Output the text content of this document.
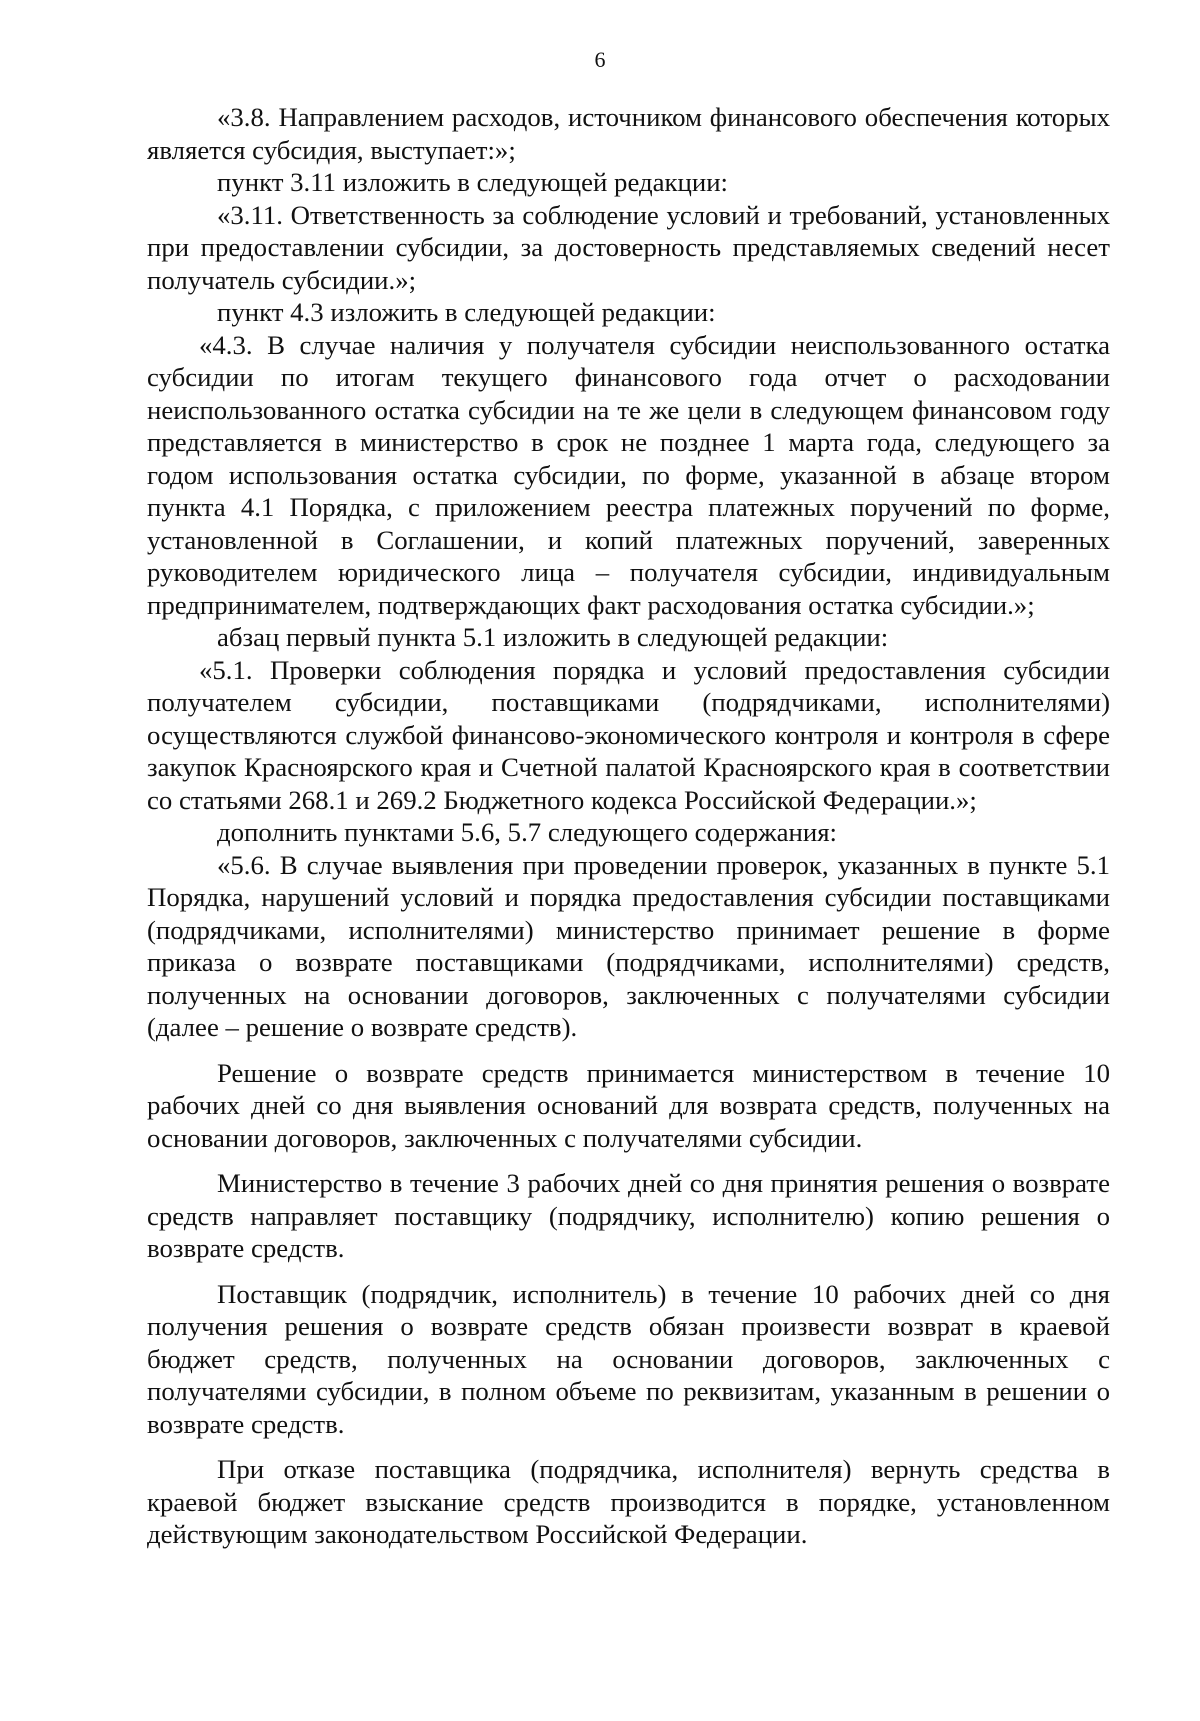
6

«3.8. Направлением расходов, источником финансового обеспечения которых является субсидия, выступает:»;

пункт 3.11 изложить в следующей редакции:

«3.11. Ответственность за соблюдение условий и требований, установленных при предоставлении субсидии, за достоверность представляемых сведений несет получатель субсидии.»;

пункт 4.3 изложить в следующей редакции:

«4.3. В случае наличия у получателя субсидии неиспользованного остатка субсидии по итогам текущего финансового года отчет о расходовании неиспользованного остатка субсидии на те же цели в следующем финансовом году представляется в министерство в срок не позднее 1 марта года, следующего за годом использования остатка субсидии, по форме, указанной в абзаце втором пункта 4.1 Порядка, с приложением реестра платежных поручений по форме, установленной в Соглашении, и копий платежных поручений, заверенных руководителем юридического лица – получателя субсидии, индивидуальным предпринимателем, подтверждающих факт расходования остатка субсидии.»;

абзац первый пункта 5.1 изложить в следующей редакции:

«5.1. Проверки соблюдения порядка и условий предоставления субсидии получателем субсидии, поставщиками (подрядчиками, исполнителями) осуществляются службой финансово-экономического контроля и контроля в сфере закупок Красноярского края и Счетной палатой Красноярского края в соответствии со статьями 268.1 и 269.2 Бюджетного кодекса Российской Федерации.»;

дополнить пунктами 5.6, 5.7 следующего содержания:

«5.6. В случае выявления при проведении проверок, указанных в пункте 5.1 Порядка, нарушений условий и порядка предоставления субсидии поставщиками (подрядчиками, исполнителями) министерство принимает решение в форме приказа о возврате поставщиками (подрядчиками, исполнителями) средств, полученных на основании договоров, заключенных с получателями субсидии (далее – решение о возврате средств).

Решение о возврате средств принимается министерством в течение 10 рабочих дней со дня выявления оснований для возврата средств, полученных на основании договоров, заключенных с получателями субсидии.

Министерство в течение 3 рабочих дней со дня принятия решения о возврате средств направляет поставщику (подрядчику, исполнителю) копию решения о возврате средств.

Поставщик (подрядчик, исполнитель) в течение 10 рабочих дней со дня получения решения о возврате средств обязан произвести возврат в краевой бюджет средств, полученных на основании договоров, заключенных с получателями субсидии, в полном объеме по реквизитам, указанным в решении о возврате средств.

При отказе поставщика (подрядчика, исполнителя) вернуть средства в краевой бюджет взыскание средств производится в порядке, установленном действующим законодательством Российской Федерации.
